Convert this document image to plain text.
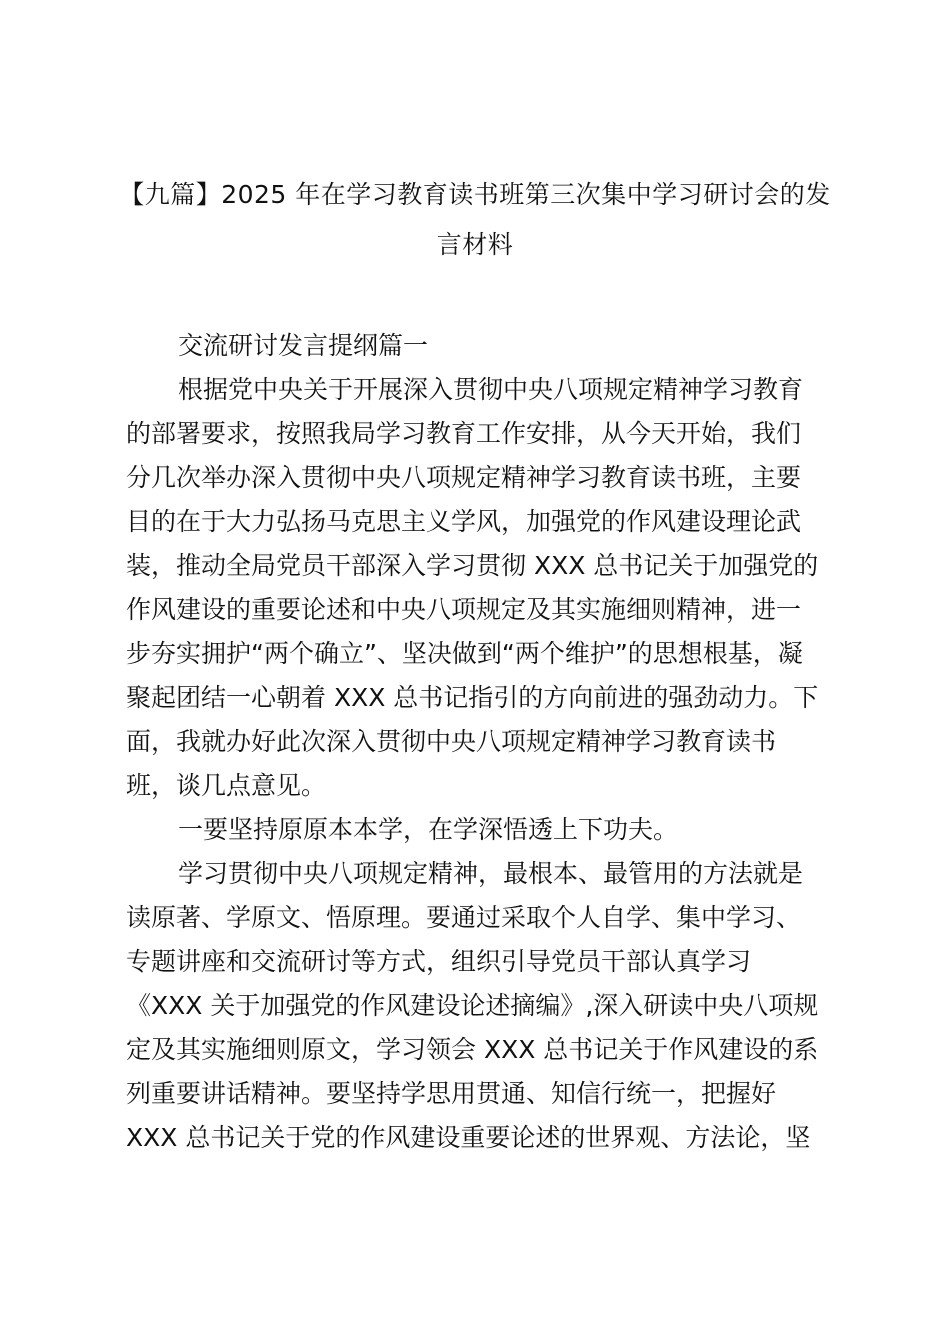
【九篇】2025 年在学习教育读书班第三次集中学习研讨会的发
言材料

交流研讨发言提纲篇一

根据党中央关于开展深入贯彻中央八项规定精神学习教育
的部署要求，按照我局学习教育工作安排，从今天开始，我们
分几次举办深入贯彻中央八项规定精神学习教育读书班，主要
目的在于大力弘扬马克思主义学风，加强党的作风建设理论武
装，推动全局党员干部深入学习贯彻 XXX 总书记关于加强党的
作风建设的重要论述和中央八项规定及其实施细则精神，进一
步夯实拥护“两个确立”、坚决做到“两个维护”的思想根基，凝
聚起团结一心朝着 XXX 总书记指引的方向前进的强劲动力。下
面，我就办好此次深入贯彻中央八项规定精神学习教育读书
班，谈几点意见。

一要坚持原原本本学，在学深悟透上下功夫。

学习贯彻中央八项规定精神，最根本、最管用的方法就是
读原著、学原文、悟原理。要通过采取个人自学、集中学习、
专题讲座和交流研讨等方式，组织引导党员干部认真学习
《XXX 关于加强党的作风建设论述摘编》,深入研读中央八项规
定及其实施细则原文，学习领会 XXX 总书记关于作风建设的系
列重要讲话精神。要坚持学思用贯通、知信行统一，把握好
XXX 总书记关于党的作风建设重要论述的世界观、方法论，坚
